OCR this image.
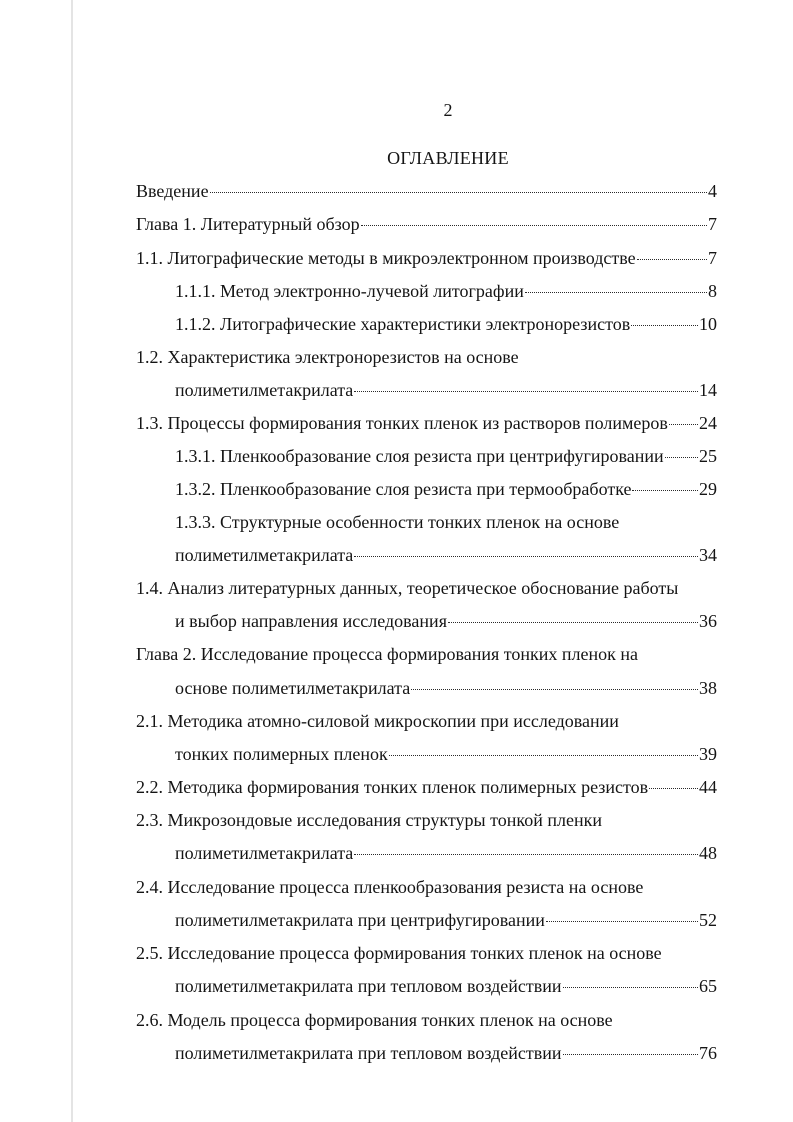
2
ОГЛАВЛЕНИЕ
Введение	4
Глава 1. Литературный обзор	7
1.1. Литографические методы в микроэлектронном производстве	7
1.1.1. Метод электронно-лучевой литографии	8
1.1.2. Литографические характеристики электронорезистов	10
1.2. Характеристика электронорезистов на основе
полиметилметакрилата	14
1.3. Процессы формирования тонких пленок из растворов полимеров 24
1.3.1. Пленкообразование слоя резиста при центрифугировании 25
1.3.2. Пленкообразование слоя резиста при термообработке	29
1.3.3. Структурные особенности тонких пленок на основе
полиметилметакрилата	34
1.4. Анализ литературных данных, теоретическое обоснование работы
и выбор направления исследования	36
Глава 2. Исследование процесса формирования тонких пленок на
основе полиметилметакрилата	38
2.1. Методика атомно-силовой микроскопии при исследовании
тонких полимерных пленок	39
2.2. Методика формирования тонких пленок полимерных резистов	44
2.3. Микрозондовые исследования структуры тонкой пленки
полиметилметакрилата	48
2.4. Исследование процесса пленкообразования резиста на основе
полиметилметакрилата при центрифугировании	52
2.5. Исследование процесса формирования тонких пленок на основе
полиметилметакрилата при тепловом воздействии	65
2.6. Модель процесса формирования тонких пленок на основе
полиметилметакрилата при тепловом воздействии	76
